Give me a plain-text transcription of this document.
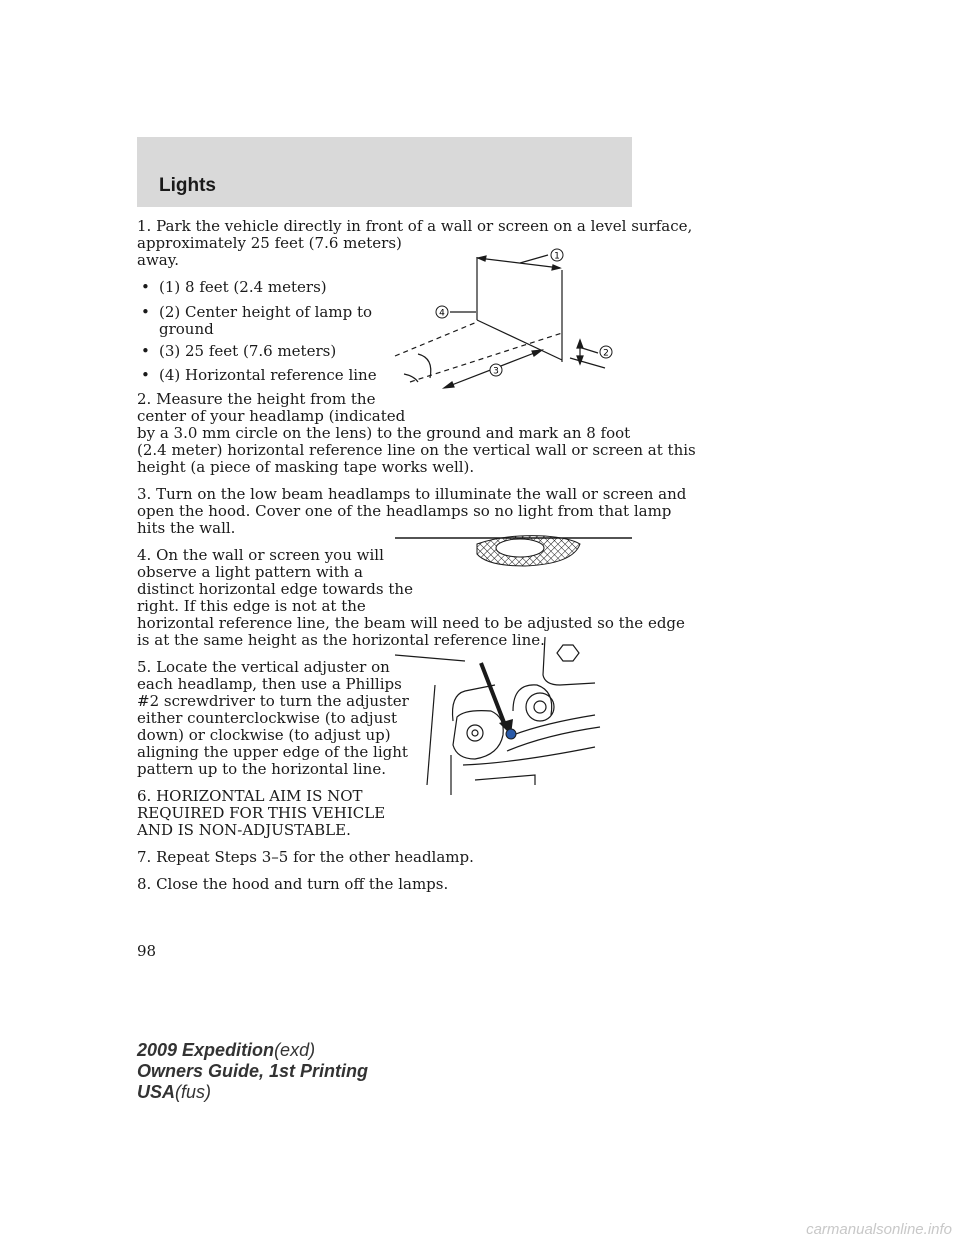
Lights

1. Park the vehicle directly in front of a wall or screen on a level surface,

approximately 25 feet (7.6 meters)

away.

• (1) 8 feet (2.4 meters)
• (2) Center height of lamp to
ground
• (3) 25 feet (7.6 meters)
• (4) Horizontal reference line

2. Measure the height from the

center of your headlamp (indicated

by a 3.0 mm circle on the lens) to the ground and mark an 8 foot

(2.4 meter) horizontal reference line on the vertical wall or screen at this

height (a piece of masking tape works well).

3. Turn on the low beam headlamps to illuminate the wall or screen and

open the hood. Cover one of the headlamps so no light from that lamp

hits the wall.

4. On the wall or screen you will

observe a light pattern with a

distinct horizontal edge towards the

right. If this edge is not at the

horizontal reference line, the beam will need to be adjusted so the edge

is at the same height as the horizontal reference line.

5. Locate the vertical adjuster on

each headlamp, then use a Phillips

#2 screwdriver to turn the adjuster

either counterclockwise (to adjust

down) or clockwise (to adjust up)

aligning the upper edge of the light

pattern up to the horizontal line.

6. HORIZONTAL AIM IS NOT

REQUIRED FOR THIS VEHICLE

AND IS NON-ADJUSTABLE.

7. Repeat Steps 3–5 for the other headlamp.

8. Close the hood and turn off the lamps.

1
2
3
4
98
2009 Expedition(exd)
Owners Guide, 1st Printing
USA(fus)
carmanualsonline.info
